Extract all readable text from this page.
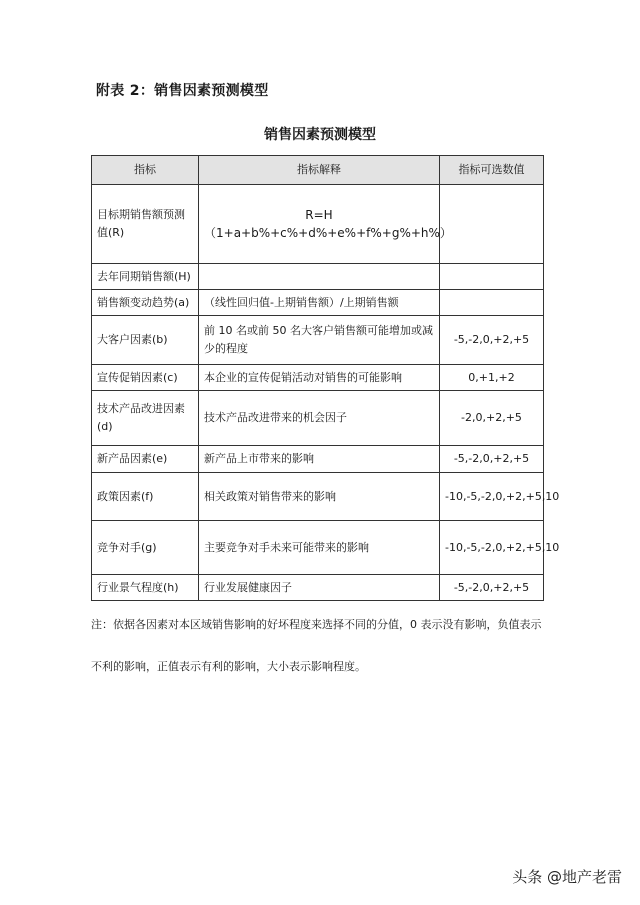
附表 2：销售因素预测模型
销售因素预测模型
指标	指标解释	指标可选数值
目标期销售额预测值(R)	R=H
（1+a+b%+c%+d%+e%+f%+g%+h%）	
去年同期销售额(H)		
销售额变动趋势(a)	（线性回归值-上期销售额）/上期销售额	
大客户因素(b)	前 10 名或前 50 名大客户销售额可能增加或减少的程度	-5,-2,0,+2,+5
宣传促销因素(c)	本企业的宣传促销活动对销售的可能影响	0,+1,+2
技术产品改进因素(d)	技术产品改进带来的机会因子	-2,0,+2,+5
新产品因素(e)	新产品上市带来的影响	-5,-2,0,+2,+5
政策因素(f)	相关政策对销售带来的影响	-10,-5,-2,0,+2,+5,10
竞争对手(g)	主要竞争对手未来可能带来的影响	-10,-5,-2,0,+2,+5,10
行业景气程度(h)	行业发展健康因子	-5,-2,0,+2,+5
注：依据各因素对本区域销售影响的好坏程度来选择不同的分值，0 表示没有影响，负值表示不利的影响，正值表示有利的影响，大小表示影响程度。
头条 @地产老雷
